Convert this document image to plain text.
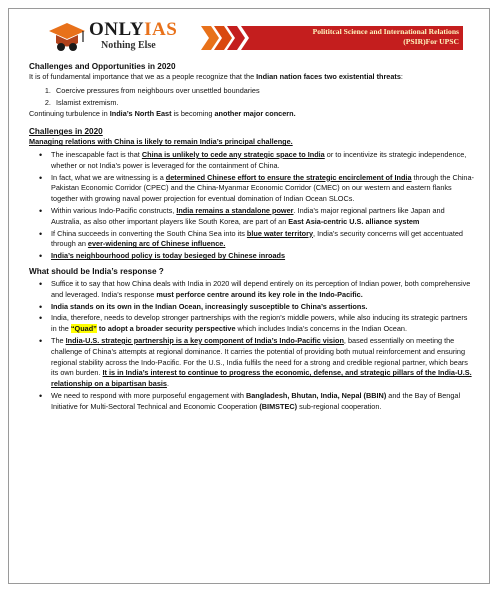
ONLYIAS
Nothing Else
Polititcal Science and International Relations
(PSIR)For UPSC
Challenges and Opportunities in 2020

It is of fundamental importance that we as a people recognize that the Indian nation faces two existential threats:

1. Coercive pressures from neighbours over unsettled boundaries
2. Islamist extremism.

Continuing turbulence in India’s North East is becoming another major concern.

Challenges in 2020

Managing relations with China is likely to remain India’s principal challenge.

• The inescapable fact is that China is unlikely to cede any strategic space to India or to incentivize its strategic independence, whether or not India’s power is leveraged for the containment of China.
• In fact, what we are witnessing is a determined Chinese effort to ensure the strategic encirclement of India through the China-Pakistan Economic Corridor (CPEC) and the China-Myanmar Economic Corridor (CMEC) on our western and eastern flanks together with growing naval power projection for eventual domination of Indian Ocean SLOCs.
• Within various Indo-Pacific constructs, India remains a standalone power. India’s major regional partners like Japan and Australia, as also other important players like South Korea, are part of an East Asia-centric U.S. alliance system
• If China succeeds in converting the South China Sea into its blue water territory, India’s security concerns will get accentuated through an ever-widening arc of Chinese influence.
• India’s neighbourhood policy is today besieged by Chinese inroads
What should be India’s response ?
• Suffice it to say that how China deals with India in 2020 will depend entirely on its perception of Indian power, both comprehensive and leveraged. India’s response must perforce centre around its key role in the Indo-Pacific.
• India stands on its own in the Indian Ocean, increasingly susceptible to China’s assertions.
• India, therefore, needs to develop stronger partnerships with the region’s middle powers, while also inducing its strategic partners in the “Quad” to adopt a broader security perspective which includes India’s concerns in the Indian Ocean.
• The India-U.S. strategic partnership is a key component of India’s Indo-Pacific vision, based essentially on meeting the challenge of China’s attempts at regional dominance. It carries the potential of providing both mutual reinforcement and ensuring regional stability across the Indo-Pacific. For the U.S., India fulfils the need for a strong and credible regional partner, which bears its own burden. It is in India’s interest to continue to progress the economic, defense, and strategic pillars of the India-U.S. relationship on a bipartisan basis.
• We need to respond with more purposeful engagement with Bangladesh, Bhutan, India, Nepal (BBIN) and the Bay of Bengal Initiative for Multi-Sectoral Technical and Economic Cooperation (BIMSTEC) sub-regional cooperation.
